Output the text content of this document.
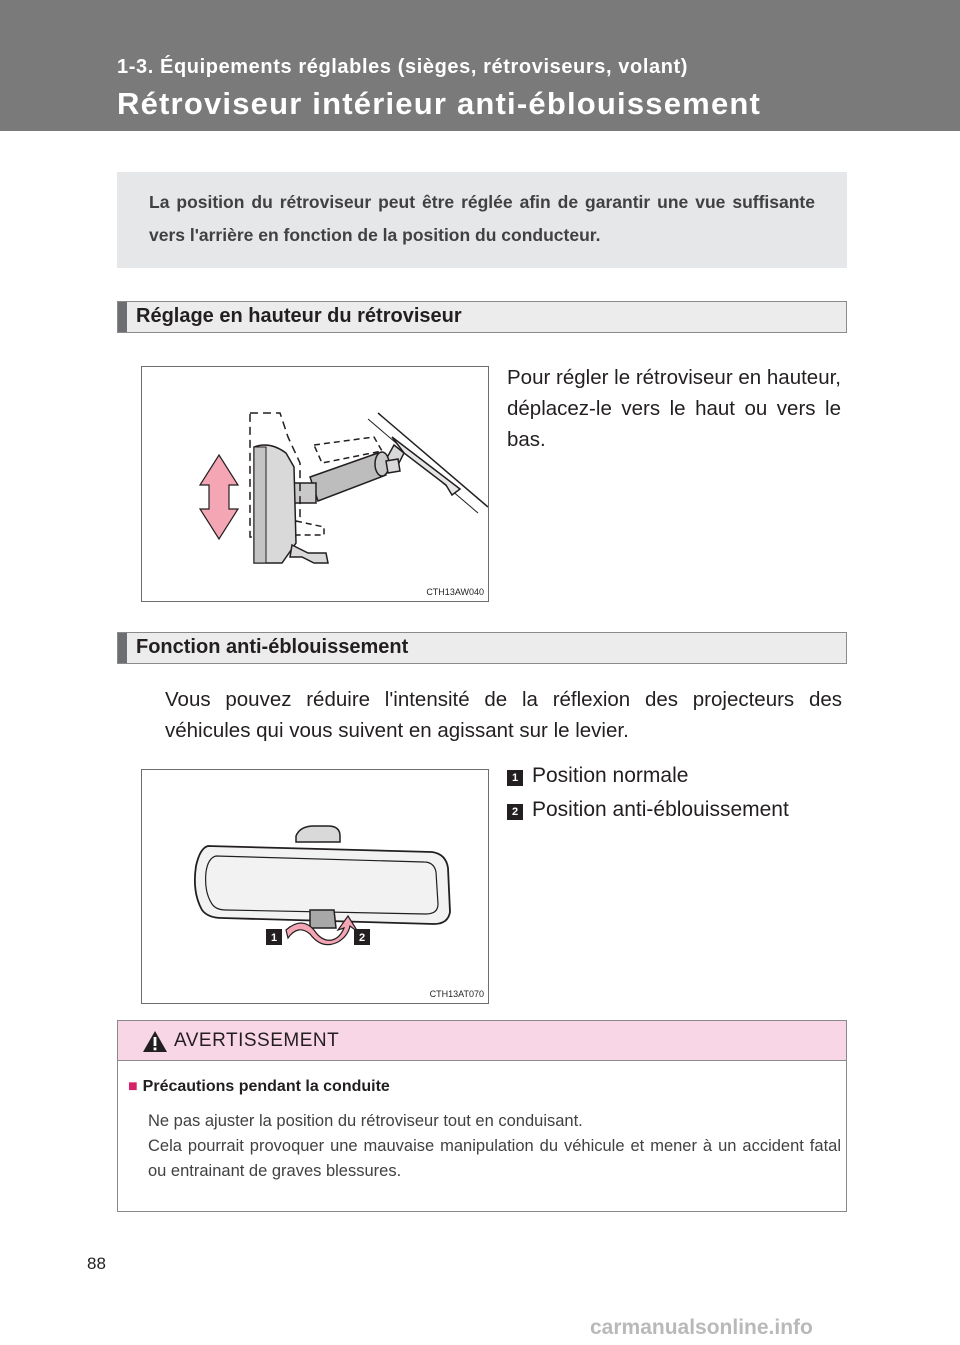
1-3. Équipements réglables (sièges, rétroviseurs, volant)
Rétroviseur intérieur anti-éblouissement

La position du rétroviseur peut être réglée afin de garantir une vue suffisante vers l'arrière en fonction de la position du conducteur.

Réglage en hauteur du rétroviseur
CTH13AW040
Pour régler le rétroviseur en hauteur, déplacez-le vers le haut ou vers le bas.
Fonction anti-éblouissement
Vous pouvez réduire l'intensité de la réflexion des projecteurs des véhicules qui vous suivent en agissant sur le levier.
1	2
CTH13AT070
1 Position normale
2 Position anti-éblouissement
AVERTISSEMENT
■ Précautions pendant la conduite

Ne pas ajuster la position du rétroviseur tout en conduisant.

Cela pourrait provoquer une mauvaise manipulation du véhicule et mener à un accident fatal ou entrainant de graves blessures.

88
carmanualsonline.info
